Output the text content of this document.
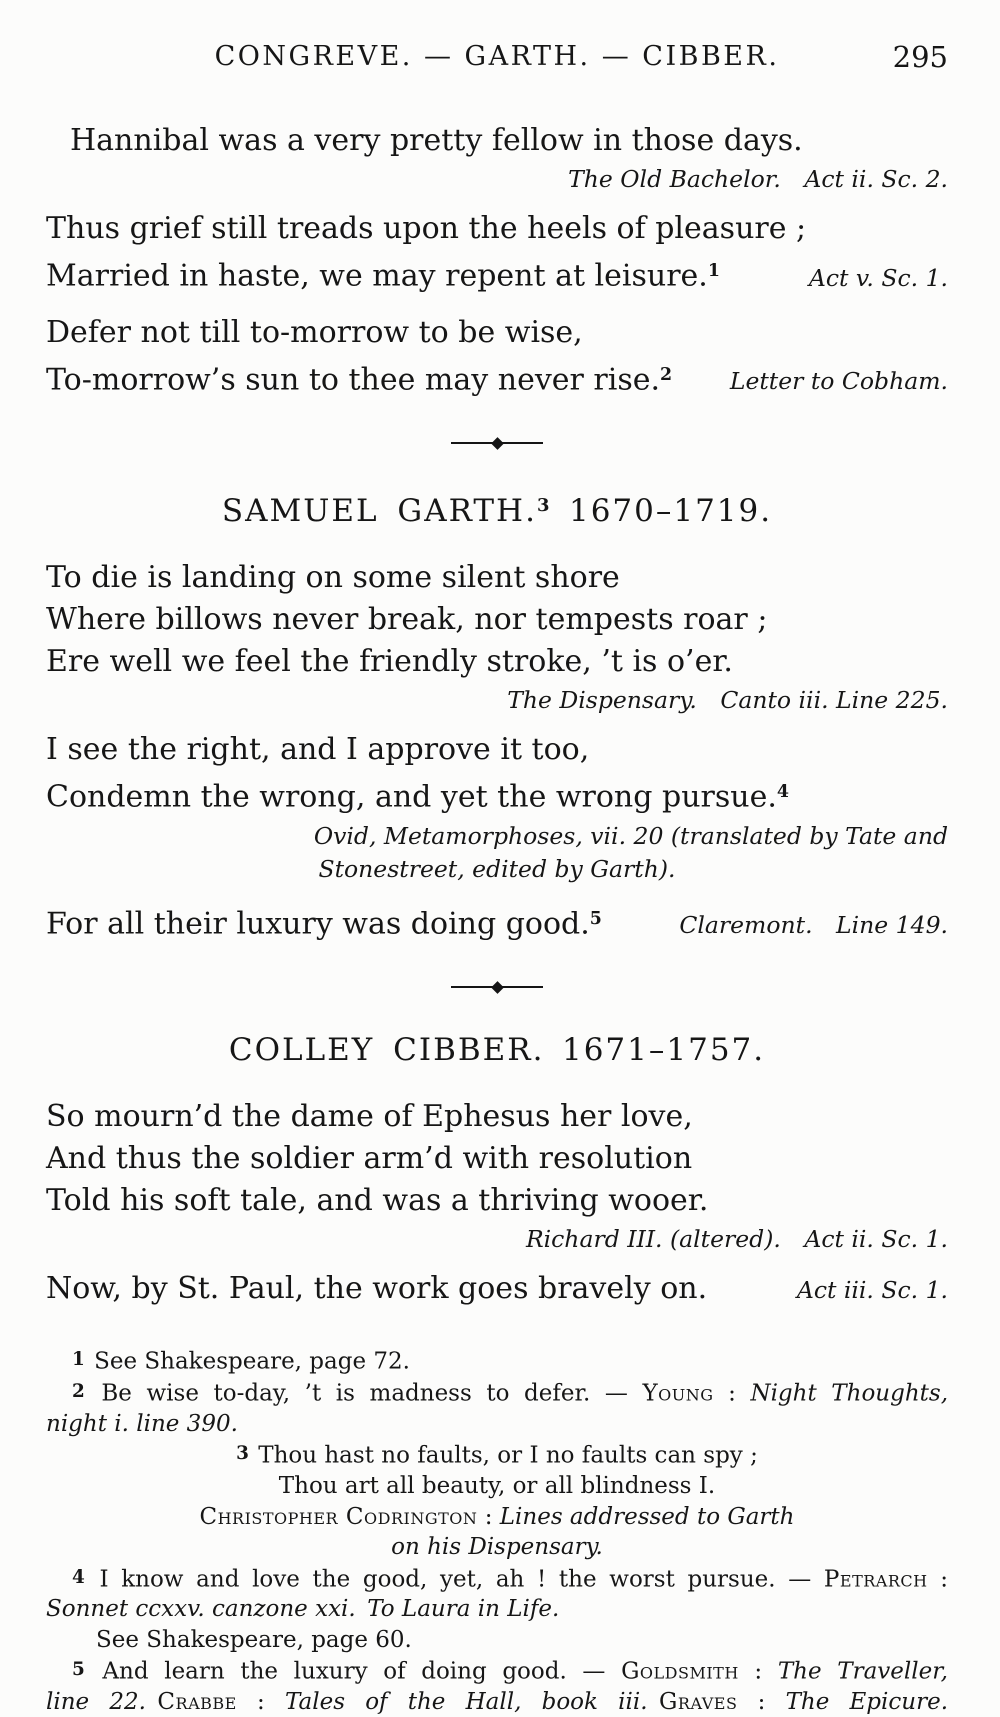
CONGREVE. — GARTH. — CIBBER.	295
Hannibal was a very pretty fellow in those days.
The Old Bachelor. Act ii. Sc. 2.
Thus grief still treads upon the heels of pleasure ;
Married in haste, we may repent at leisure.$^1$	Act v. Sc. 1.
Defer not till to-morrow to be wise,
To-morrow’s sun to thee may never rise.$^2$ Letter to Cobham.
SAMUEL GARTH.$^3$ 1670–1719.
To die is landing on some silent shore
Where billows never break, nor tempests roar ;
Ere well we feel the friendly stroke, ’t is o’er.
The Dispensary. Canto iii. Line 225.
I see the right, and I approve it too,
Condemn the wrong, and yet the wrong pursue.$^4$
Ovid, Metamorphoses, vii. 20 (translated by Tate and
Stonestreet, edited by Garth).
For all their luxury was doing good.$^5$	Claremont. Line 149.
COLLEY CIBBER. 1671–1757.
So mourn’d the dame of Ephesus her love,
And thus the soldier arm’d with resolution
Told his soft tale, and was a thriving wooer.
Richard III. (altered). Act ii. Sc. 1.
Now, by St. Paul, the work goes bravely on.	Act iii. Sc. 1.
1 See Shakespeare, page 72.
2 Be wise to-day, ’t is madness to defer. — Young : Night Thoughts,
night i. line 390.
3 Thou hast no faults, or I no faults can spy ;
Thou art all beauty, or all blindness I.
Christopher Codrington : Lines addressed to Garth
on his Dispensary.
4 I know and love the good, yet, ah ! the worst pursue. — Petrarch :
Sonnet ccxxv. canzone xxi.  To Laura in Life.
See Shakespeare, page 60.
5 And learn the luxury of doing good. — Goldsmith : The Traveller,
line 22.  Crabbe : Tales of the Hall, book iii.  Graves : The Epicure.
